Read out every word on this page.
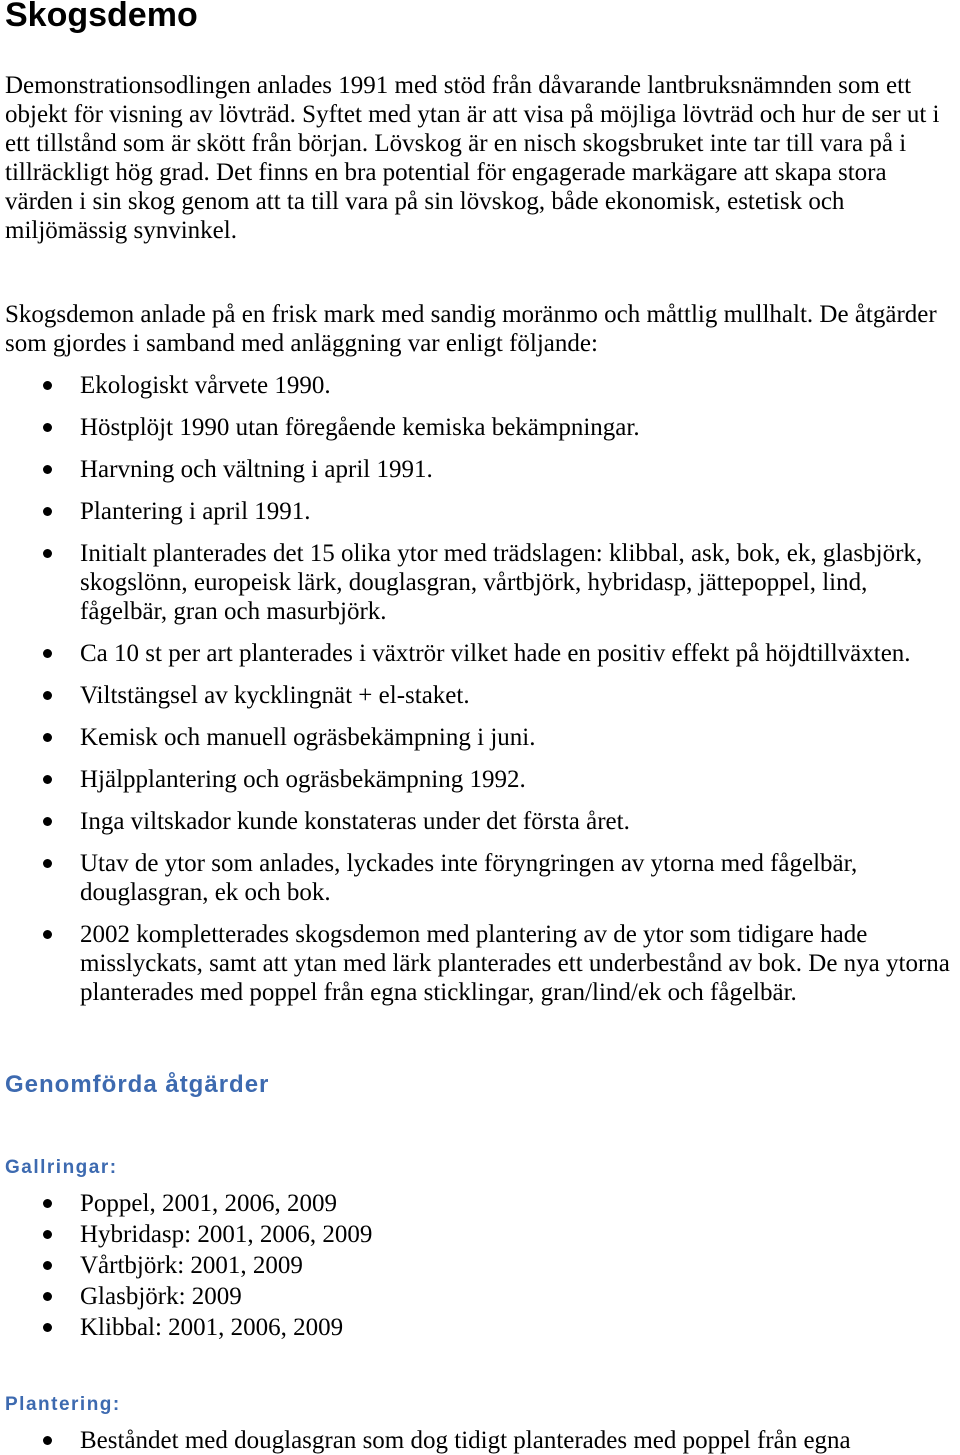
Skogsdemo

Demonstrationsodlingen anlades 1991 med stöd från dåvarande lantbruksnämnden som ett
objekt för visning av lövträd. Syftet med ytan är att visa på möjliga lövträd och hur de ser ut i
ett tillstånd som är skött från början. Lövskog är en nisch skogsbruket inte tar till vara på i
tillräckligt hög grad. Det finns en bra potential för engagerade markägare att skapa stora
värden i sin skog genom att ta till vara på sin lövskog, både ekonomisk, estetisk och
miljömässig synvinkel.

Skogsdemon anlade på en frisk mark med sandig moränmo och måttlig mullhalt. De åtgärder
som gjordes i samband med anläggning var enligt följande:

Ekologiskt vårvete 1990.
Höstplöjt 1990 utan föregående kemiska bekämpningar.
Harvning och vältning i april 1991.
Plantering i april 1991.
Initialt planterades det 15 olika ytor med trädslagen: klibbal, ask, bok, ek, glasbjörk,
skogslönn, europeisk lärk, douglasgran, vårtbjörk, hybridasp, jättepoppel, lind,
fågelbär, gran och masurbjörk.
Ca 10 st per art planterades i växtrör vilket hade en positiv effekt på höjdtillväxten.
Viltstängsel av kycklingnät + el-staket.
Kemisk och manuell ogräsbekämpning i juni.
Hjälpplantering och ogräsbekämpning 1992.
Inga viltskador kunde konstateras under det första året.
Utav de ytor som anlades, lyckades inte föryngringen av ytorna med fågelbär,
douglasgran, ek och bok.
2002 kompletterades skogsdemon med plantering av de ytor som tidigare hade
misslyckats, samt att ytan med lärk planterades ett underbestånd av bok. De nya ytorna
planterades med poppel från egna sticklingar, gran/lind/ek och fågelbär.
Genomförda åtgärder
Gallringar:
Poppel, 2001, 2006, 2009
Hybridasp: 2001, 2006, 2009
Vårtbjörk: 2001, 2009
Glasbjörk: 2009
Klibbal: 2001, 2006, 2009
Plantering:
Beståndet med douglasgran som dog tidigt planterades med poppel från egna
